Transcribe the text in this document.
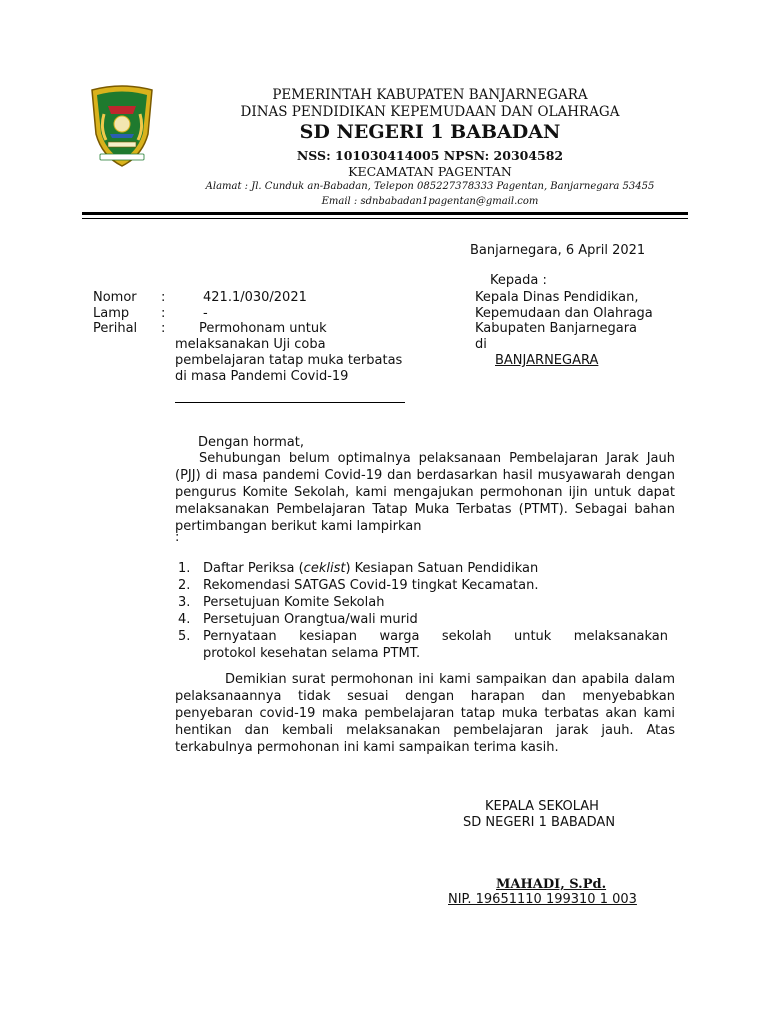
PEMERINTAH KABUPATEN BANJARNEGARA
DINAS PENDIDIKAN KEPEMUDAAN DAN OLAHRAGA
SD NEGERI 1 BABADAN
NSS: 101030414005 NPSN: 20304582
KECAMATAN PAGENTAN
Alamat : Jl. Cunduk an-Babadan, Telepon 085227378333 Pagentan, Banjarnegara 53455
Email : sdnbabadan1pagentan@gmail.com
Banjarnegara, 6 April 2021
Kepada :
Kepala Dinas Pendidikan,
Kepemudaan dan Olahraga
Kabupaten Banjarnegara
di
BANJARNEGARA
Nomor :	421.1/030/2021
Lamp :	-
Perihal :	Permohonam untuk
melaksanakan Uji coba
pembelajaran tatap muka terbatas
di masa Pandemi Covid-19
Dengan hormat,
Sehubungan belum optimalnya pelaksanaan Pembelajaran Jarak Jauh (PJJ) di masa pandemi Covid-19 dan berdasarkan hasil musyawarah dengan pengurus Komite Sekolah, kami mengajukan permohonan ijin untuk dapat melaksanakan Pembelajaran Tatap Muka Terbatas (PTMT). Sebagai bahan pertimbangan berikut kami lampirkan
:
1. Daftar Periksa (ceklist) Kesiapan Satuan Pendidikan
2. Rekomendasi SATGAS Covid-19 tingkat Kecamatan.
3. Persetujuan Komite Sekolah
4. Persetujuan Orangtua/wali murid
5. Pernyataan kesiapan warga sekolah untuk melaksanakan
protokol kesehatan selama PTMT.
Demikian surat permohonan ini kami sampaikan dan apabila dalam pelaksanaannya tidak sesuai dengan harapan dan menyebabkan penyebaran covid-19 maka pembelajaran tatap muka terbatas akan kami hentikan dan kembali melaksanakan pembelajaran jarak jauh. Atas terkabulnya permohonan ini kami sampaikan terima kasih.
KEPALA SEKOLAH
SD NEGERI 1 BABADAN
MAHADI, S.Pd.
NIP. 19651110 199310 1 003
